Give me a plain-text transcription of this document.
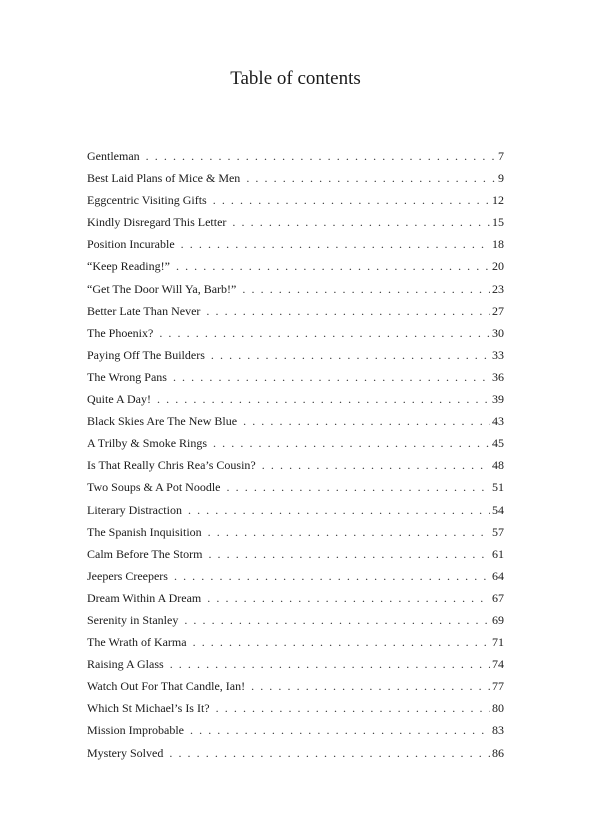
Table of contents
Gentleman . . .	7
Best Laid Plans of Mice & Men . . .	9
Eggcentric Visiting Gifts . . .	12
Kindly Disregard This Letter . . .	15
Position Incurable . . .	18
“Keep Reading!” . . .	20
“Get The Door Will Ya, Barb!” . . .	23
Better Late Than Never . . .	27
The Phoenix? . . .	30
Paying Off The Builders . . .	33
The Wrong Pans . . .	36
Quite A Day! . . .	39
Black Skies Are The New Blue . . .	43
A Trilby & Smoke Rings . . .	45
Is That Really Chris Rea’s Cousin? . . .	48
Two Soups & A Pot Noodle . . .	51
Literary Distraction . . .	54
The Spanish Inquisition . . .	57
Calm Before The Storm . . .	61
Jeepers Creepers . . .	64
Dream Within A Dream . . .	67
Serenity in Stanley . . .	69
The Wrath of Karma . . .	71
Raising A Glass . . .	74
Watch Out For That Candle, Ian! . . .	77
Which St Michael’s Is It? . . .	80
Mission Improbable . . .	83
Mystery Solved . . .	86
